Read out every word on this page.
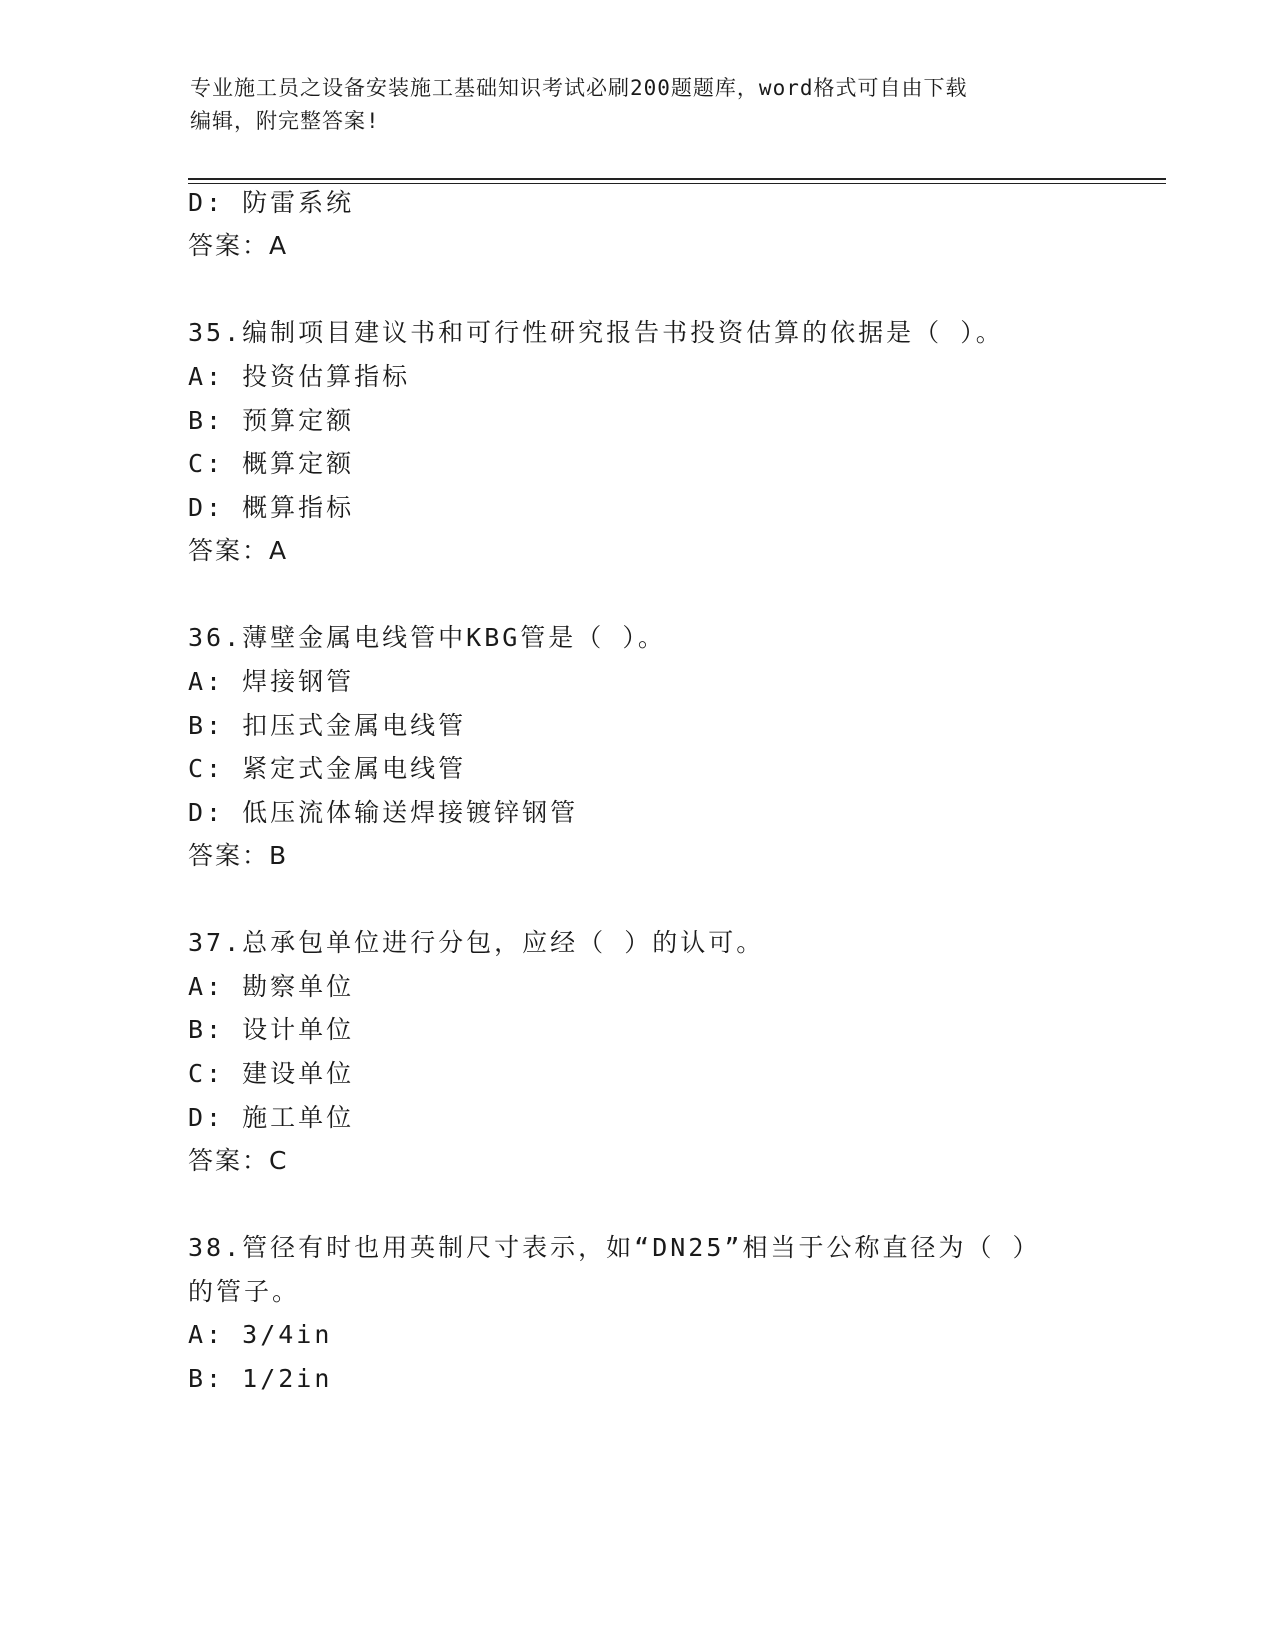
专业施工员之设备安装施工基础知识考试必刷200题题库，word格式可自由下载
编辑，附完整答案!
D: 防雷系统
答案：A
35.编制项目建议书和可行性研究报告书投资估算的依据是（ ）。
A: 投资估算指标
B: 预算定额
C: 概算定额
D: 概算指标
答案：A
36.薄壁金属电线管中KBG管是（ ）。
A: 焊接钢管
B: 扣压式金属电线管
C: 紧定式金属电线管
D: 低压流体输送焊接镀锌钢管
答案：B
37.总承包单位进行分包，应经（ ）的认可。
A: 勘察单位
B: 设计单位
C: 建设单位
D: 施工单位
答案：C
38.管径有时也用英制尺寸表示，如“DN25”相当于公称直径为（ ）
的管子。
A: 3/4in
B: 1/2in
